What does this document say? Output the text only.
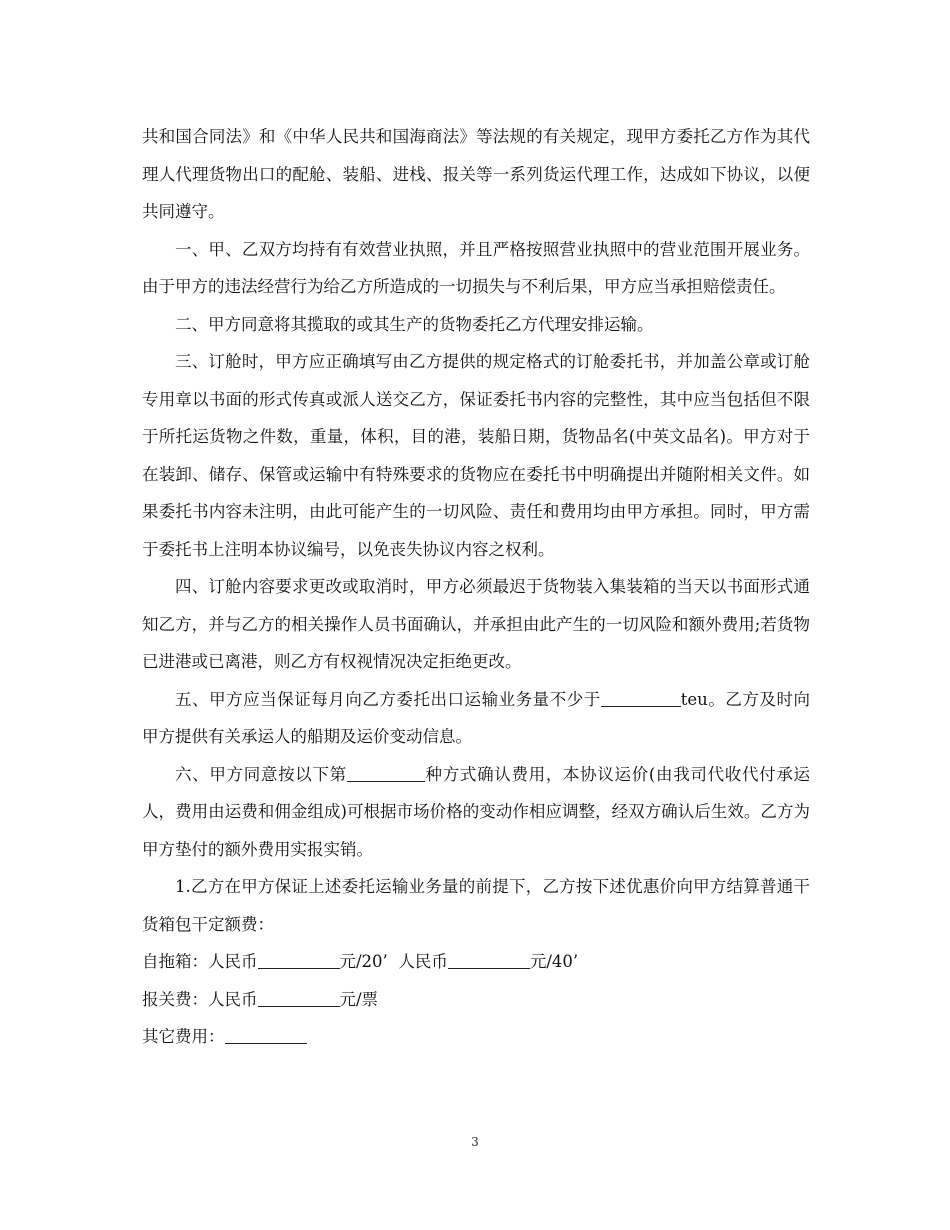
共和国合同法》和《中华人民共和国海商法》等法规的有关规定，现甲方委托乙方作为其代理人代理货物出口的配舱、装船、进栈、报关等一系列货运代理工作，达成如下协议，以便共同遵守。

一、甲、乙双方均持有有效营业执照，并且严格按照营业执照中的营业范围开展业务。由于甲方的违法经营行为给乙方所造成的一切损失与不利后果，甲方应当承担赔偿责任。

二、甲方同意将其揽取的或其生产的货物委托乙方代理安排运输。

三、订舱时，甲方应正确填写由乙方提供的规定格式的订舱委托书，并加盖公章或订舱专用章以书面的形式传真或派人送交乙方，保证委托书内容的完整性，其中应当包括但不限于所托运货物之件数，重量，体积，目的港，装船日期，货物品名(中英文品名)。甲方对于在装卸、储存、保管或运输中有特殊要求的货物应在委托书中明确提出并随附相关文件。如果委托书内容未注明，由此可能产生的一切风险、责任和费用均由甲方承担。同时，甲方需于委托书上注明本协议编号，以免丧失协议内容之权利。

四、订舱内容要求更改或取消时，甲方必须最迟于货物装入集装箱的当天以书面形式通知乙方，并与乙方的相关操作人员书面确认，并承担由此产生的一切风险和额外费用;若货物已进港或已离港，则乙方有权视情况决定拒绝更改。

五、甲方应当保证每月向乙方委托出口运输业务量不少于	teu。乙方及时向甲方提供有关承运人的船期及运价变动信息。

六、甲方同意按以下第	种方式确认费用，本协议运价(由我司代收代付承运人，费用由运费和佣金组成)可根据市场价格的变动作相应调整，经双方确认后生效。乙方为甲方垫付的额外费用实报实销。

1.乙方在甲方保证上述委托运输业务量的前提下，乙方按下述优惠价向甲方结算普通干货箱包干定额费：

自拖箱：人民币	元/20’ 人民币	元/40’

报关费：人民币	元/票

其它费用：

3
